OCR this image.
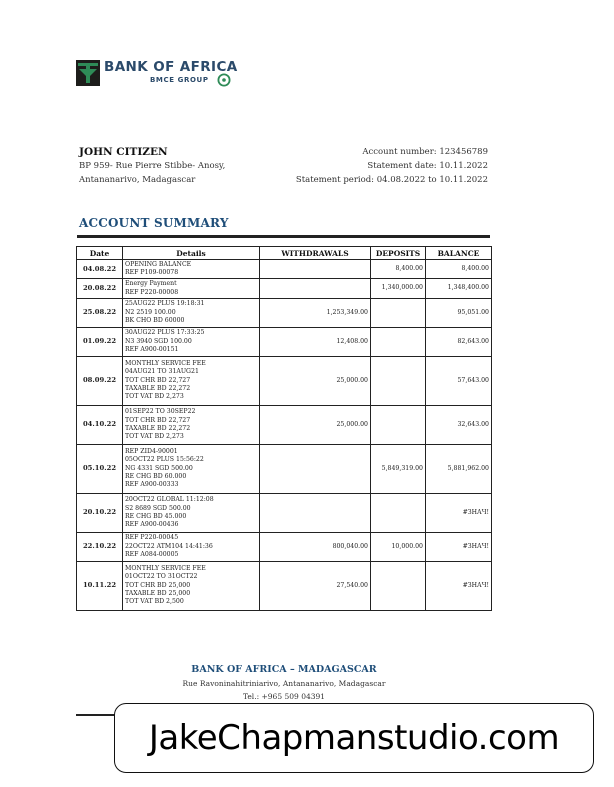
BANK OF AFRICA
BMCE GROUP
JOHN CITIZEN
BP 959- Rue Pierre Stibbe- Anosy,
Antananarivo, Madagascar
Account number: 123456789
Statement date: 10.11.2022
Statement period: 04.08.2022 to 10.11.2022
ACCOUNT SUMMARY
Date	Details	WITHDRAWALS	DEPOSITS	BALANCE
04.08.22	OPENING BALANCE
REF P109-00078		8,400.00	8,400.00
20.08.22	Energy Payment
REF P220-00008		1,340,000.00	1,348,400.00
25.08.22	25AUG22 PLUS 19:18:31
N2 2519 100.00
BK CHO BD 60000	1,253,349.00		95,051.00
01.09.22	30AUG22 PLUS 17:33:25
N3 3940 SGD 100.00
REF A900-00151	12,408.00		82,643.00
08.09.22	MONTHLY SERVICE FEE
04AUG21 TO 31AUG21
TOT CHR BD 22,727
TAXABLE BD 22,272
TOT VAT BD 2,273	25,000.00		57,643.00
04.10.22	01SEP22 TO 30SEP22
TOT CHR BD 22,727
TAXABLE BD 22,272
TOT VAT BD 2,273	25,000.00		32,643.00
05.10.22	REP ZID4-90001
05OCT22 PLUS 15:56:22
NG 4331 SGD 500.00
RE CHG BD 60.000
REF A900-00333		5,849,319.00	5,881,962.00
20.10.22	20OCT22 GLOBAL 11:12:08
S2 8689 SGD 500.00
RE CHG BD 45.000
REF A900-00436			#ЗНАЧ!
22.10.22	REF P220-00045
22OCT22 ATM104 14:41:36
REF A084-00005	800,040.00	10,000.00	#ЗНАЧ!
10.11.22	MONTHLY SERVICE FEE
01OCT22 TO 31OCT22
TOT CHR BD 25,000
TAXABLE BD 25,000
TOT VAT BD 2,500	27,540.00		#ЗНАЧ!
BANK OF AFRICA – MADAGASCAR
Rue Ravoninahitriniarivo, Antananarivo, Madagascar
Tel.: +965 509 04391
JakeChapmanstudio.com
